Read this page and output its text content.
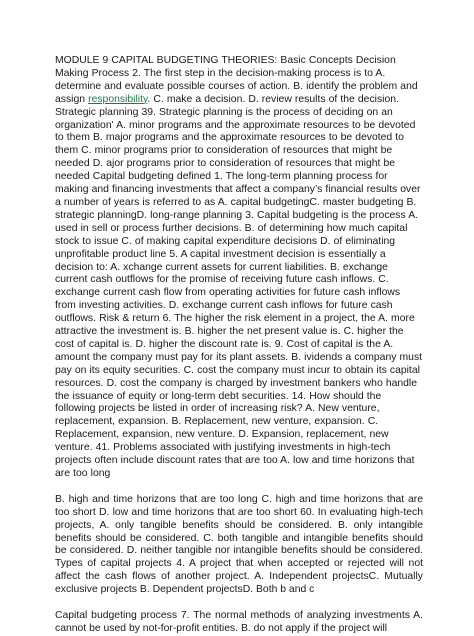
MODULE 9 CAPITAL BUDGETING THEORIES: Basic Concepts Decision Making Process 2. The first step in the decision-making process is to A. determine and evaluate possible courses of action. B. identify the problem and assign responsibility. C. make a decision. D. review results of the decision. Strategic planning 39. Strategic planning is the process of deciding on an organization' A. minor programs and the approximate resources to be devoted to them B. major programs and the approximate resources to be devoted to them C. minor programs prior to consideration of resources that might be needed D. ajor programs prior to consideration of resources that might be needed Capital budgeting defined 1. The long-term planning process for making and financing investments that affect a company’s financial results over a number of years is referred to as A. capital budgetingC. master budgeting B. strategic planningD. long-range planning 3. Capital budgeting is the process A. used in sell or process further decisions. B. of determining how much capital stock to issue C. of making capital expenditure decisions D. of eliminating unprofitable product line 5. A capital investment decision is essentially a decision to: A. xchange current assets for current liabilities. B. exchange current cash outflows for the promise of receiving future cash inflows. C. exchange current cash flow from operating activities for future cash inflows from investing activities. D. exchange current cash inflows for future cash outflows. Risk & return 6. The higher the risk element in a project, the A. more attractive the investment is. B. higher the net present value is. C. higher the cost of capital is. D. higher the discount rate is. 9. Cost of capital is the A. amount the company must pay for its plant assets. B. ividends a company must pay on its equity securities. C. cost the company must incur to obtain its capital resources. D. cost the company is charged by investment bankers who handle the issuance of equity or long-term debt securities. 14. How should the following projects be listed in order of increasing risk? A. New venture, replacement, expansion. B. Replacement, new venture, expansion. C. Replacement, expansion, new venture. D. Expansion, replacement, new venture. 41. Problems associated with justifying investments in high-tech projects often include discount rates that are too A. low and time horizons that are too long

B. high and time horizons that are too long C. high and time horizons that are too short D. low and time horizons that are too short 60. In evaluating high-tech projects, A. only tangible benefits should be considered. B. only intangible benefits should be considered. C. both tangible and intangible benefits should be considered. D. neither tangible nor intangible benefits should be considered. Types of capital projects 4. A project that when accepted or rejected will not affect the cash flows of another project. A. Independent projectsC. Mutually exclusive projects B. Dependent projectsD. Both b and c

Capital budgeting process 7. The normal methods of analyzing investments A. cannot be used by not-for-profit entities. B. do not apply if the project will
